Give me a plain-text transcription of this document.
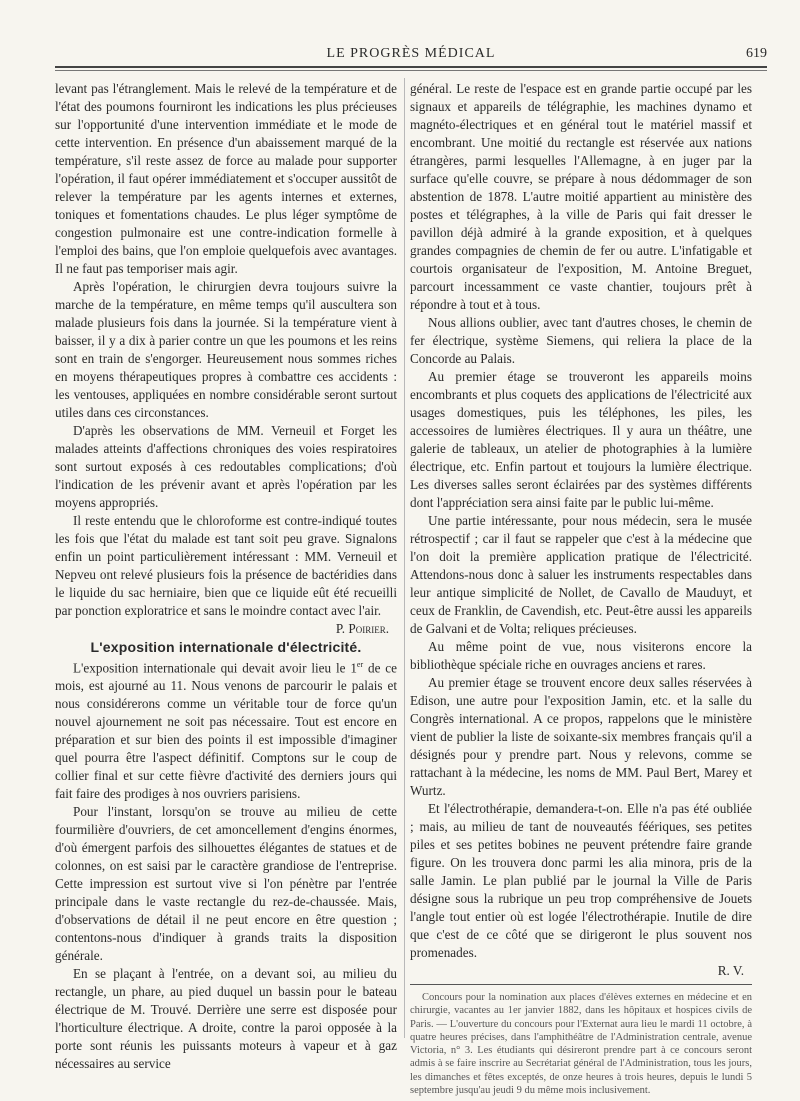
LE PROGRÈS MÉDICAL	619

levant pas l'étranglement. Mais le relevé de la température et de l'état des poumons fourniront les indications les plus précieuses sur l'opportunité d'une intervention immédiate et le mode de cette intervention. En présence d'un abaissement marqué de la température, s'il reste assez de force au malade pour supporter l'opération, il faut opérer immédiatement et s'occuper aussitôt de relever la température par les agents internes et externes, toniques et fomentations chaudes. Le plus léger symptôme de congestion pulmonaire est une contre-indication formelle à l'emploi des bains, que l'on emploie quelquefois avec avantages. Il ne faut pas temporiser mais agir.

Après l'opération, le chirurgien devra toujours suivre la marche de la température, en même temps qu'il auscultera son malade plusieurs fois dans la journée. Si la température vient à baisser, il y a dix à parier contre un que les poumons et les reins sont en train de s'engorger. Heureusement nous sommes riches en moyens thérapeutiques propres à combattre ces accidents : les ventouses, appliquées en nombre considérable seront surtout utiles dans ces circonstances.

D'après les observations de MM. Verneuil et Forget les malades atteints d'affections chroniques des voies respiratoires sont surtout exposés à ces redoutables complications; d'où l'indication de les prévenir avant et après l'opération par les moyens appropriés.

Il reste entendu que le chloroforme est contre-indiqué toutes les fois que l'état du malade est tant soit peu grave. Signalons enfin un point particulièrement intéressant : MM. Verneuil et Nepveu ont relevé plusieurs fois la présence de bactéridies dans le liquide du sac herniaire, bien que ce liquide eût été recueilli par ponction exploratrice et sans le moindre contact avec l'air.

P. Poirier.

L'exposition internationale d'électricité.

L'exposition internationale qui devait avoir lieu le 1er de ce mois, est ajourné au 11. Nous venons de parcourir le palais et nous considérerons comme un véritable tour de force qu'un nouvel ajournement ne soit pas nécessaire. Tout est encore en préparation et sur bien des points il est impossible d'imaginer quel pourra être l'aspect définitif. Comptons sur le coup de collier final et sur cette fièvre d'activité des derniers jours qui fait faire des prodiges à nos ouvriers parisiens.

Pour l'instant, lorsqu'on se trouve au milieu de cette fourmilière d'ouvriers, de cet amoncellement d'engins énormes, d'où émergent parfois des silhouettes élégantes de statues et de colonnes, on est saisi par le caractère grandiose de l'entreprise. Cette impression est surtout vive si l'on pénètre par l'entrée principale dans le vaste rectangle du rez-de-chaussée. Mais, d'observations de détail il ne peut encore en être question ; contentons-nous d'indiquer à grands traits la disposition générale.

En se plaçant à l'entrée, on a devant soi, au milieu du rectangle, un phare, au pied duquel un bassin pour le bateau électrique de M. Trouvé. Derrière une serre est disposée pour l'horticulture électrique. A droite, contre la paroi opposée à la porte sont réunis les puissants moteurs à vapeur et à gaz nécessaires au service

général. Le reste de l'espace est en grande partie occupé par les signaux et appareils de télégraphie, les machines dynamo et magnéto-électriques et en général tout le matériel massif et encombrant. Une moitié du rectangle est réservée aux nations étrangères, parmi lesquelles l'Allemagne, à en juger par la surface qu'elle couvre, se prépare à nous dédommager de son abstention de 1878. L'autre moitié appartient au ministère des postes et télégraphes, à la ville de Paris qui fait dresser le pavillon déjà admiré à la grande exposition, et à quelques grandes compagnies de chemin de fer ou autre. L'infatigable et courtois organisateur de l'exposition, M. Antoine Breguet, parcourt incessamment ce vaste chantier, toujours prêt à répondre à tout et à tous.

Nous allions oublier, avec tant d'autres choses, le chemin de fer électrique, système Siemens, qui reliera la place de la Concorde au Palais.

Au premier étage se trouveront les appareils moins encombrants et plus coquets des applications de l'électricité aux usages domestiques, puis les téléphones, les piles, les accessoires de lumières électriques. Il y aura un théâtre, une galerie de tableaux, un atelier de photographies à la lumière électrique, etc. Enfin partout et toujours la lumière électrique. Les diverses salles seront éclairées par des systèmes différents dont l'appréciation sera ainsi faite par le public lui-même.

Une partie intéressante, pour nous médecin, sera le musée rétrospectif ; car il faut se rappeler que c'est à la médecine que l'on doit la première application pratique de l'électricité. Attendons-nous donc à saluer les instruments respectables dans leur antique simplicité de Nollet, de Cavallo de Mauduyt, et ceux de Franklin, de Cavendish, etc. Peut-être aussi les appareils de Galvani et de Volta; reliques précieuses.

Au même point de vue, nous visiterons encore la bibliothèque spéciale riche en ouvrages anciens et rares.

Au premier étage se trouvent encore deux salles réservées à Edison, une autre pour l'exposition Jamin, etc. et la salle du Congrès international. A ce propos, rappelons que le ministère vient de publier la liste de soixante-six membres français qu'il a désignés pour y prendre part. Nous y relevons, comme se rattachant à la médecine, les noms de MM. Paul Bert, Marey et Wurtz.

Et l'électrothérapie, demandera-t-on. Elle n'a pas été oubliée ; mais, au milieu de tant de nouveautés féériques, ses petites piles et ses petites bobines ne peuvent prétendre faire grande figure. On les trouvera donc parmi les alia minora, pris de la salle Jamin. Le plan publié par le journal la Ville de Paris désigne sous la rubrique un peu trop compréhensive de Jouets l'angle tout entier où est logée l'électrothérapie. Inutile de dire que c'est de ce côté que se dirigeront le plus souvent nos promenades.

R. V.

Concours pour la nomination aux places d'élèves externes en médecine et en chirurgie, vacantes au 1er janvier 1882, dans les hôpitaux et hospices civils de Paris. — L'ouverture du concours pour l'Externat aura lieu le mardi 11 octobre, à quatre heures précises, dans l'amphithéâtre de l'Administration centrale, avenue Victoria, n° 3. Les étudiants qui désireront prendre part à ce concours seront admis à se faire inscrire au Secrétariat général de l'Administration, tous les jours, les dimanches et fêtes exceptés, de onze heures à trois heures, depuis le lundi 5 septembre jusqu'au jeudi 9 du même mois inclusivement.
